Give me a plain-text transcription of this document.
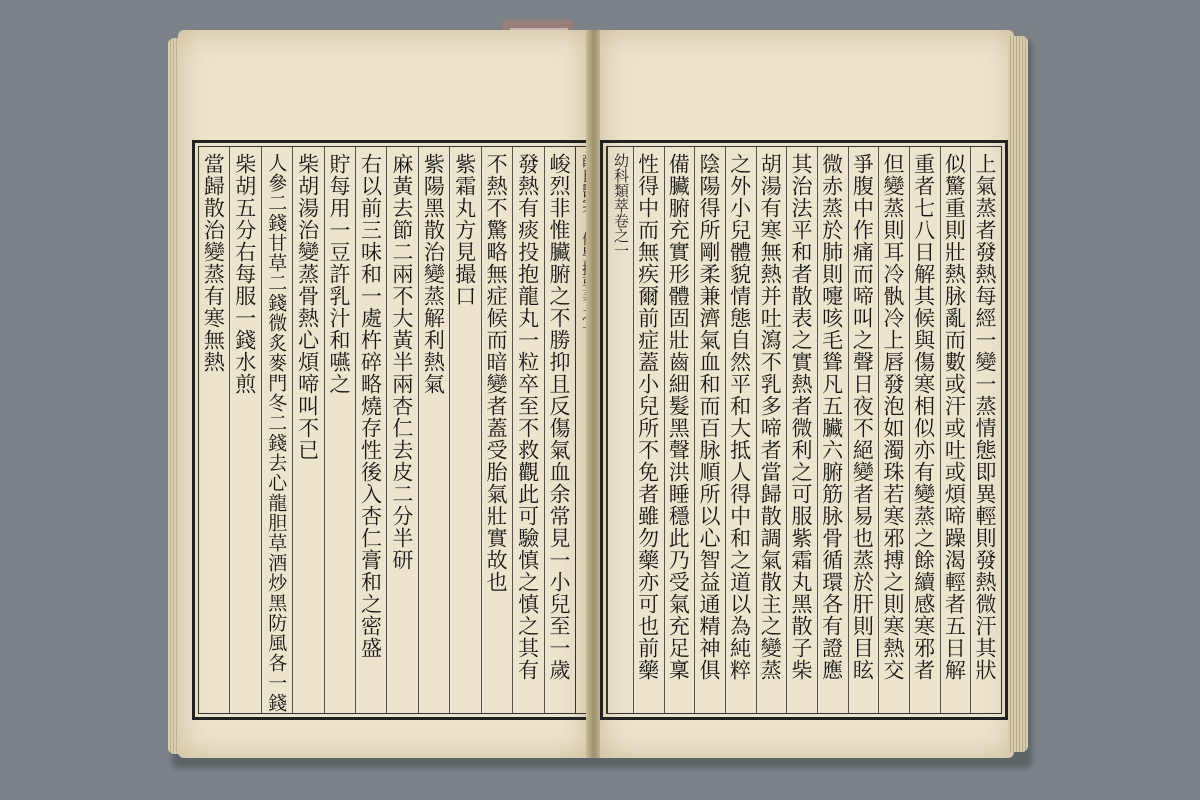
峻烈非惟臟腑之不勝抑且反傷氣血余常見一小兒至一歲
發熱有痰投抱龍丸一粒卒至不救觀此可驗慎之慎之其有
不熱不驚略無症候而暗變者蓋受胎氣壯實故也
紫霜丸方見撮口
紫陽黑散治變蒸解利熱氣
麻黃去節二兩不大黃半兩杏仁去皮二分半研
右以前三味和一處杵碎略燒存性後入杏仁膏和之密盛
貯每用一豆許乳汁和嚥之
柴胡湯治變蒸骨熱心煩啼叫不已
人參二錢甘草二錢微炙麥門冬二錢去心龍胆草酒炒黑防風各一錢
柴胡五分右每服一錢水煎
當歸散治變蒸有寒無熱	上氣蒸者發熱每經一變一蒸情態即異輕則發熱微汗其狀
似驚重則壯熱脉亂而數或汗或吐或煩啼躁渴輕者五日解
重者七八日解其候與傷寒相似亦有變蒸之餘續感寒邪者
但變蒸則耳冷骫冷上唇發泡如濁珠若寒邪搏之則寒熱交
爭腹中作痛而啼叫之聲日夜不絕變者易也蒸於肝則目眩
微赤蒸於肺則嚏咳毛聳凡五臟六腑筋脉骨循環各有證應
其治法平和者散表之實熱者微利之可服紫霜丸黑散子柴
胡湯有寒無熱并吐瀉不乳多啼者當歸散調氣散主之變蒸
之外小兒體貌情態自然平和大抵人得中和之道以為純粹
陰陽得所剛柔兼濟氣血和而百脉順所以心智益通精神俱
備臟腑充實形體固壯齒細髮黑聲洪睡穩此乃受氣充足稟
性得中而無疾爾前症蓋小兒所不免者雖勿藥亦可也前藥
幼科類萃卷之一
